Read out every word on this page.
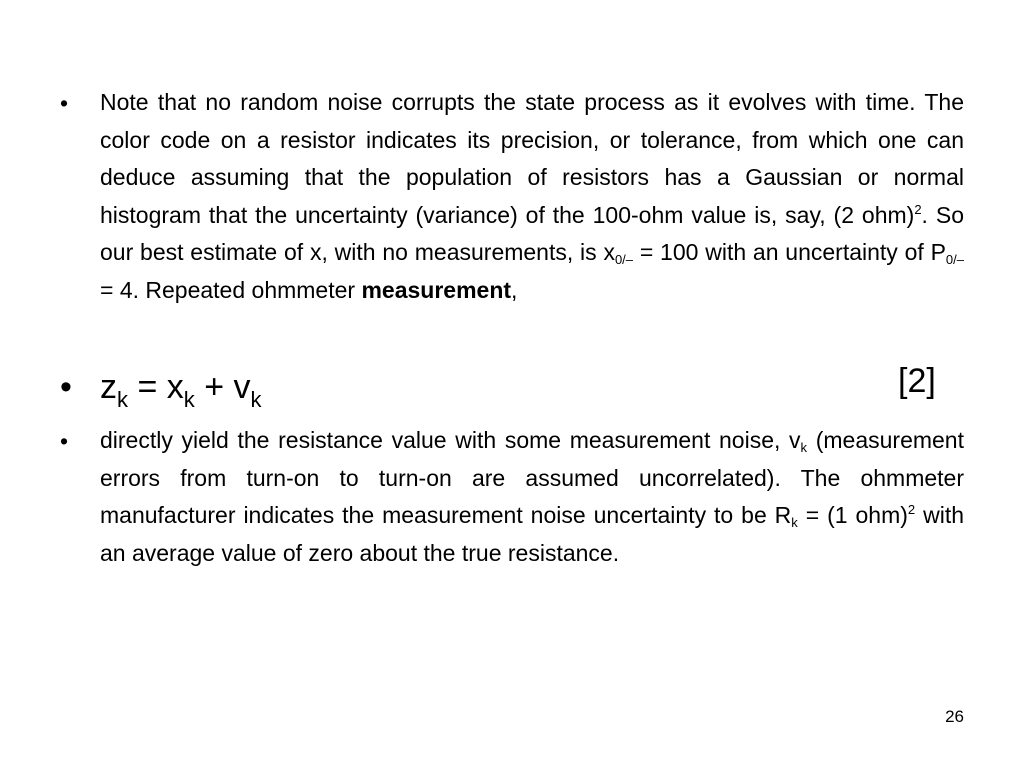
• Note that no random noise corrupts the state process as it evolves with time. The color code on a resistor indicates its precision, or tolerance, from which one can deduce assuming that the population of resistors has a Gaussian or normal histogram that the uncertainty (variance) of the 100-ohm value is, say, (2 ohm)$^2$. So our best estimate of x, with no measurements, is $x_{0/-} = 100$ with an uncertainty of $P_{0/-} = 4$. Repeated ohmmeter measurement,
• $z_k = x_k + v_k$	[2]
• directly yield the resistance value with some measurement noise, $v_k$ (measurement errors from turn-on to turn-on are assumed uncorrelated). The ohmmeter manufacturer indicates the measurement noise uncertainty to be $R_k = (1$ ohm)$^2$ with an average value of zero about the true resistance.
26
